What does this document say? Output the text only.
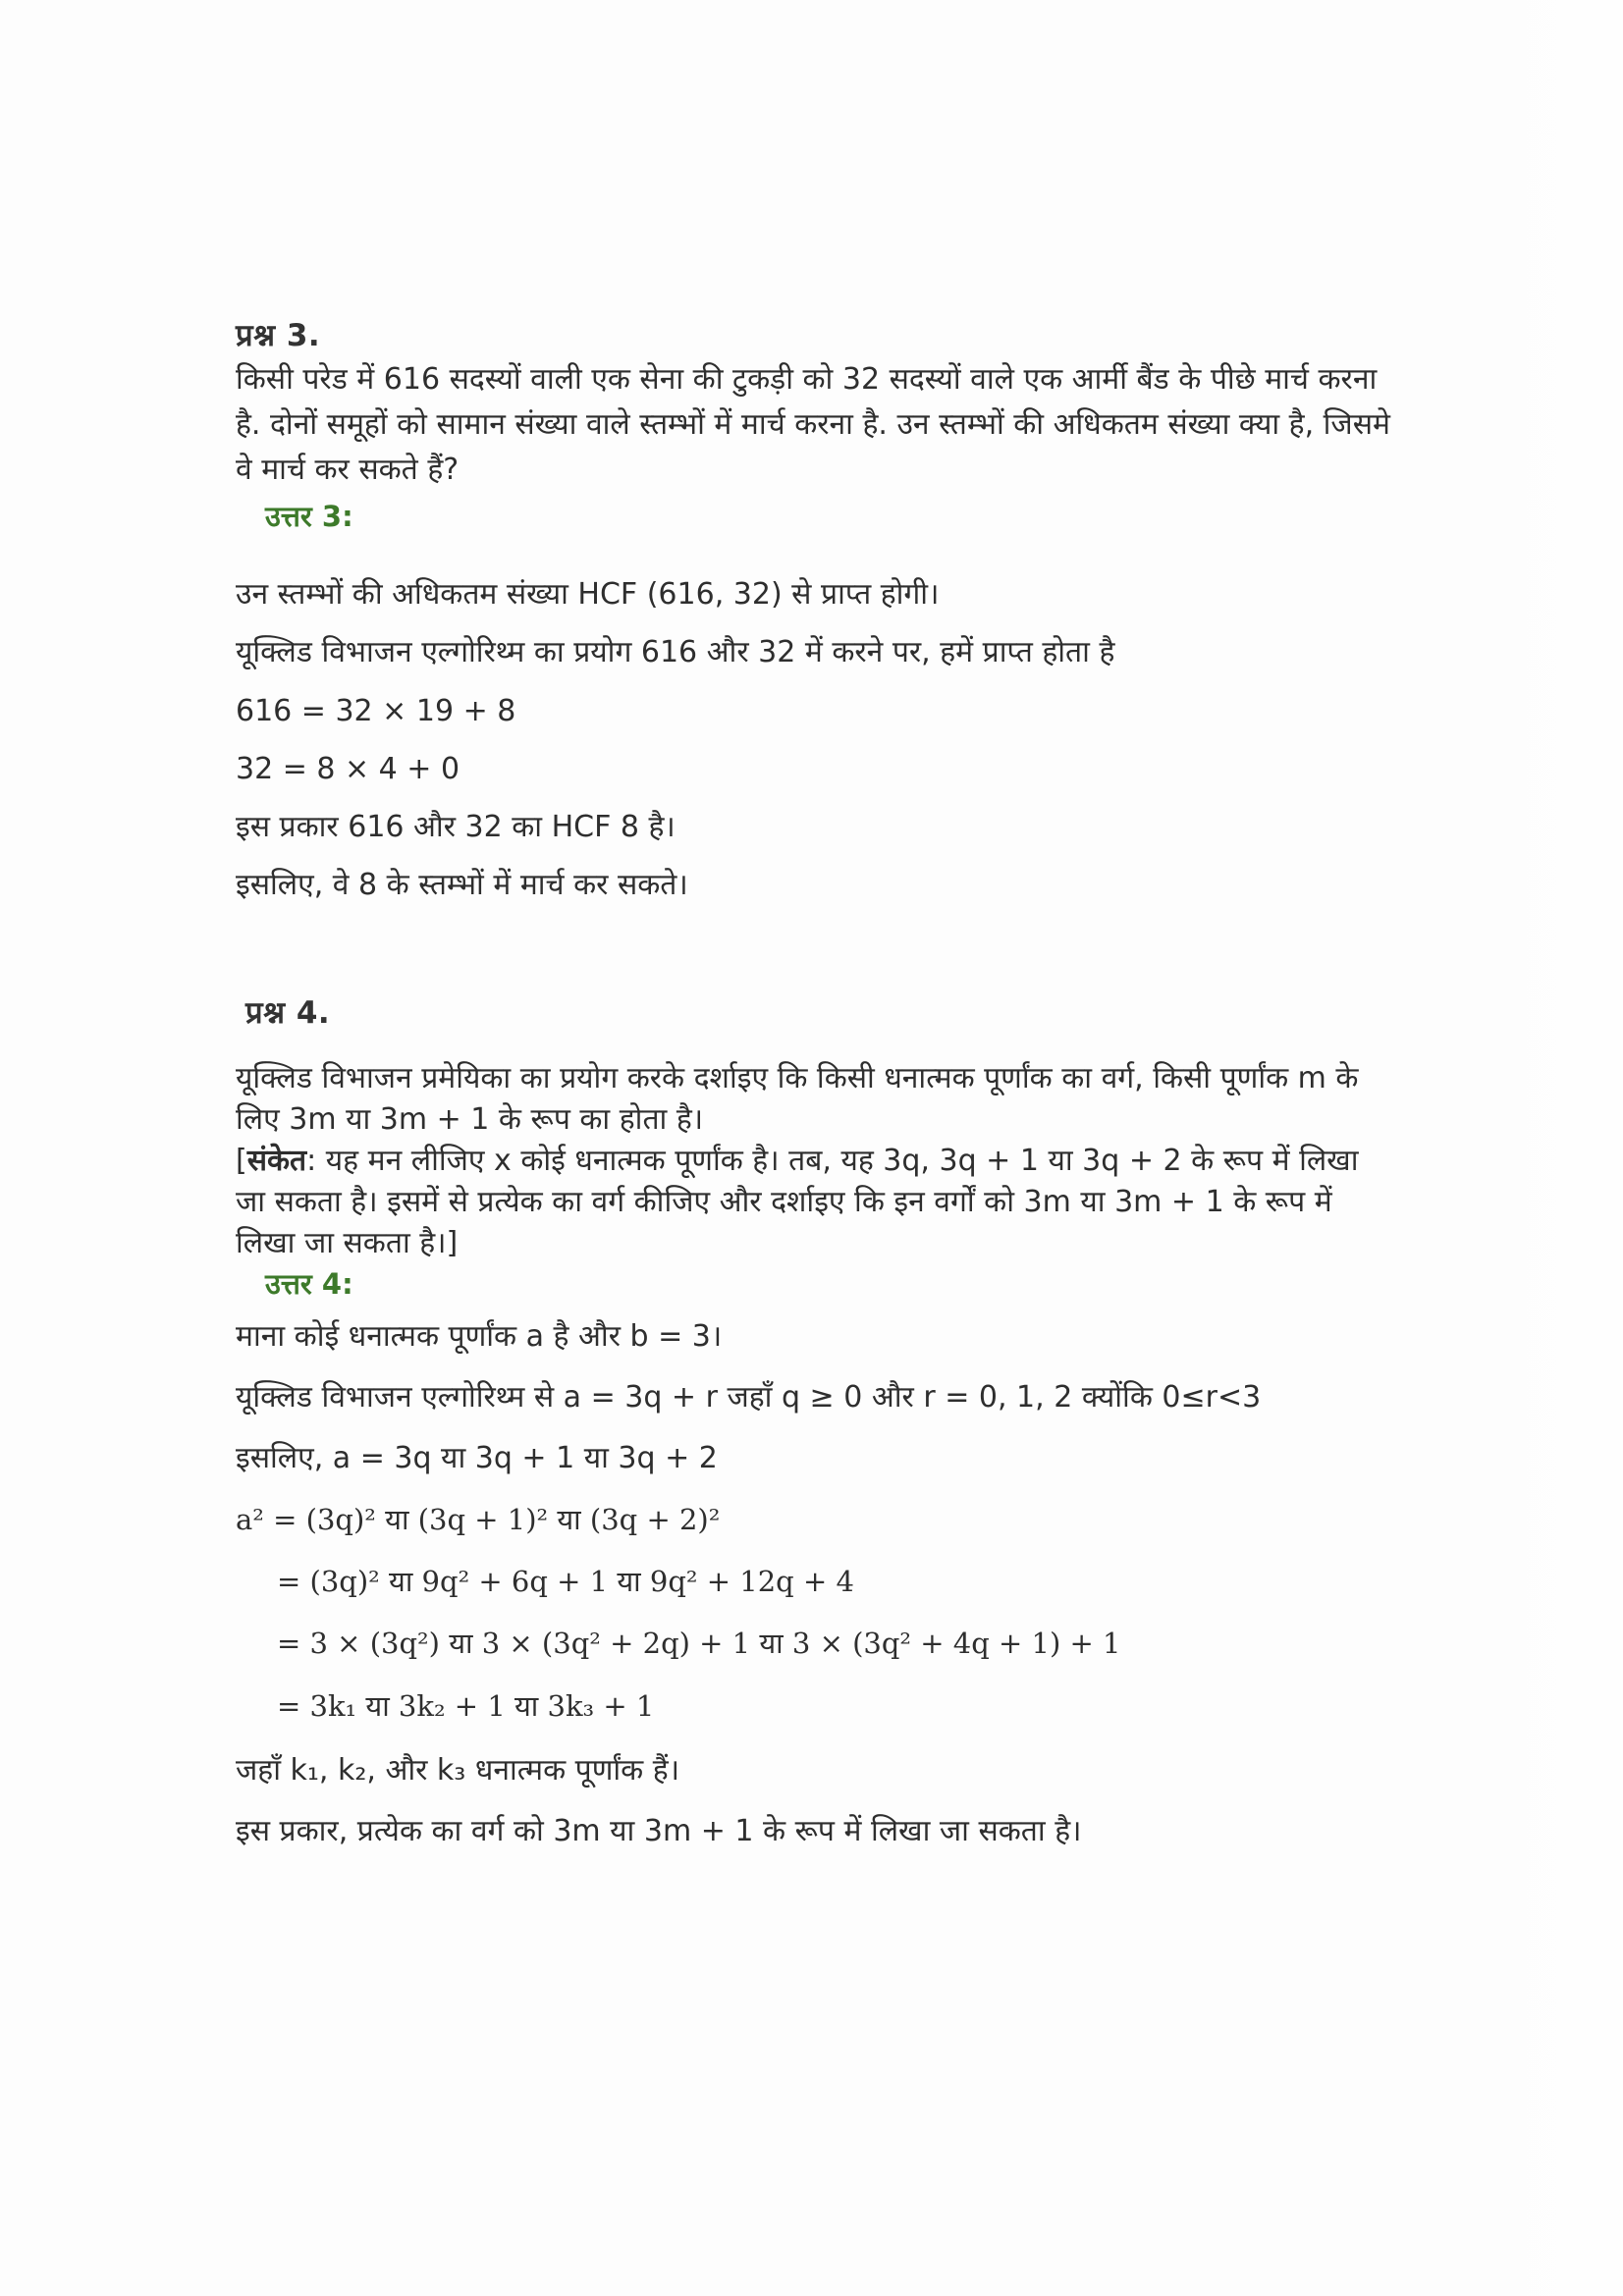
प्रश्न 3.
किसी परेड में 616 सदस्यों वाली एक सेना की टुकड़ी को 32 सदस्यों वाले एक आर्मी बैंड के पीछे मार्च करना है. दोनों समूहों को सामान संख्या वाले स्तम्भों में मार्च करना है. उन स्तम्भों की अधिकतम संख्या क्या है, जिसमे वे मार्च कर सकते हैं?
उत्तर 3:
उन स्तम्भों की अधिकतम संख्या HCF (616, 32) से प्राप्त होगी।
यूक्लिड विभाजन एल्गोरिथ्म का प्रयोग 616 और 32 में करने पर, हमें प्राप्त होता है
616 = 32 × 19 + 8
32 = 8 × 4 + 0
इस प्रकार 616 और 32 का HCF 8 है।
इसलिए, वे 8 के स्तम्भों में मार्च कर सकते।
प्रश्न 4.
यूक्लिड विभाजन प्रमेयिका का प्रयोग करके दर्शाइए कि किसी धनात्मक पूर्णांक का वर्ग, किसी पूर्णांक m के लिए 3m या 3m + 1 के रूप का होता है।
[संकेत: यह मन लीजिए x कोई धनात्मक पूर्णांक है। तब, यह 3q, 3q + 1 या 3q + 2 के रूप में लिखा जा सकता है। इसमें से प्रत्येक का वर्ग कीजिए और दर्शाइए कि इन वर्गों को 3m या 3m + 1 के रूप में लिखा जा सकता है।]
उत्तर 4:
माना कोई धनात्मक पूर्णांक a है और b = 3।
यूक्लिड विभाजन एल्गोरिथ्म से a = 3q + r जहाँ q ≥ 0 और r = 0, 1, 2 क्योंकि 0≤r<3
इसलिए, a = 3q या 3q + 1 या 3q + 2
a² = (3q)² या (3q + 1)² या (3q + 2)²
= (3q)² या 9q² + 6q + 1 या 9q² + 12q + 4
= 3 × (3q²) या 3 × (3q² + 2q) + 1 या 3 × (3q² + 4q + 1) + 1
= 3k₁ या 3k₂ + 1 या 3k₃ + 1
जहाँ k₁, k₂, और k₃ धनात्मक पूर्णांक हैं।
इस प्रकार, प्रत्येक का वर्ग को 3m या 3m + 1 के रूप में लिखा जा सकता है।
